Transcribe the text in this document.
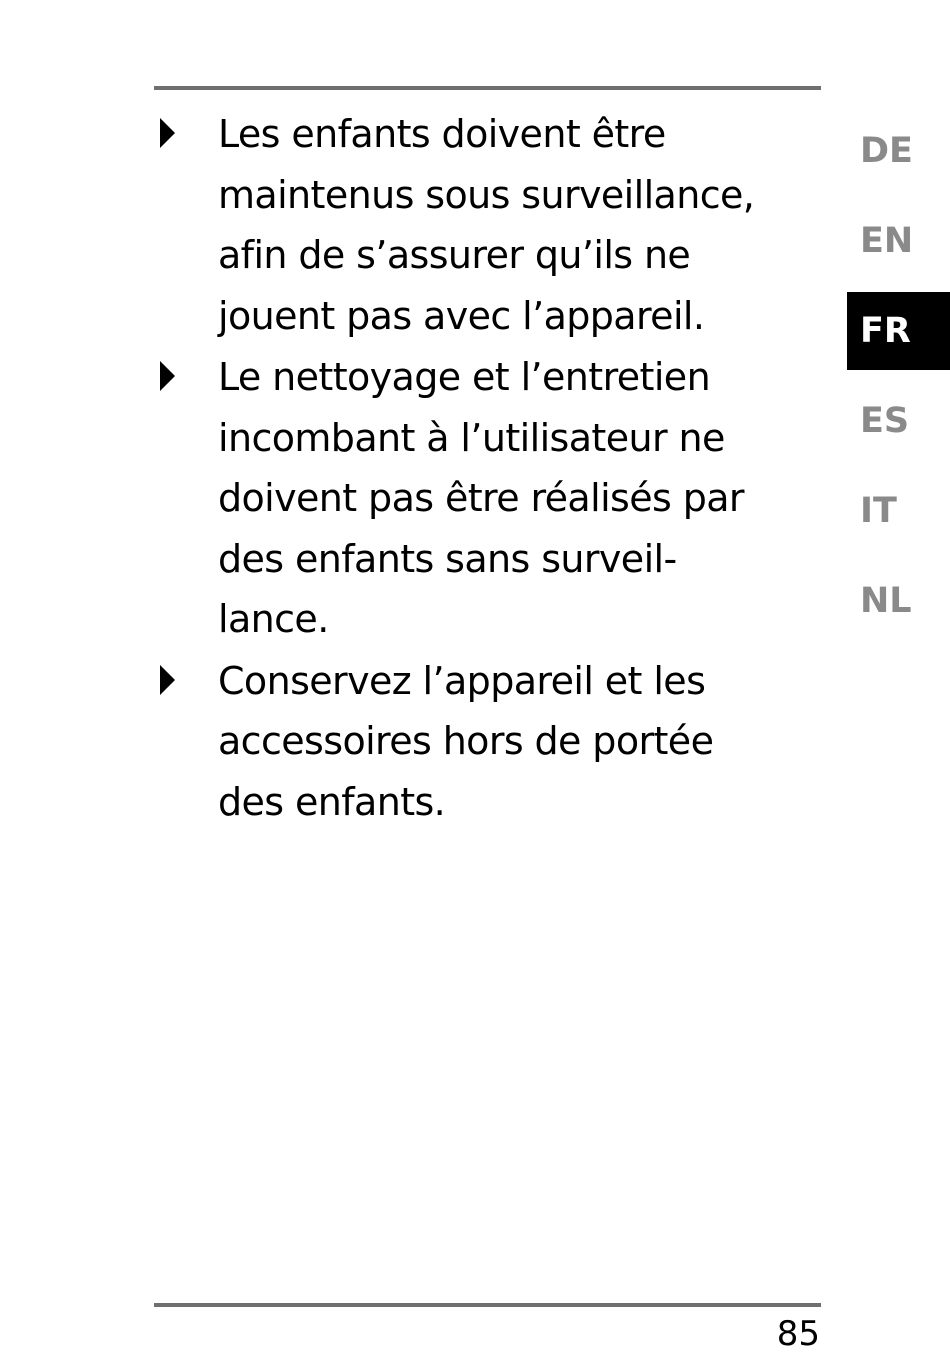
Les enfants doivent être
maintenus sous surveillance,
afin de s’assurer qu’ils ne
jouent pas avec l’appareil.
Le nettoyage et l’entretien
incombant à l’utilisateur ne
doivent pas être réalisés par
des enfants sans surveil-
lance.
Conservez l’appareil et les
accessoires hors de portée
des enfants.
DE
EN
FR
ES
IT
NL
85
